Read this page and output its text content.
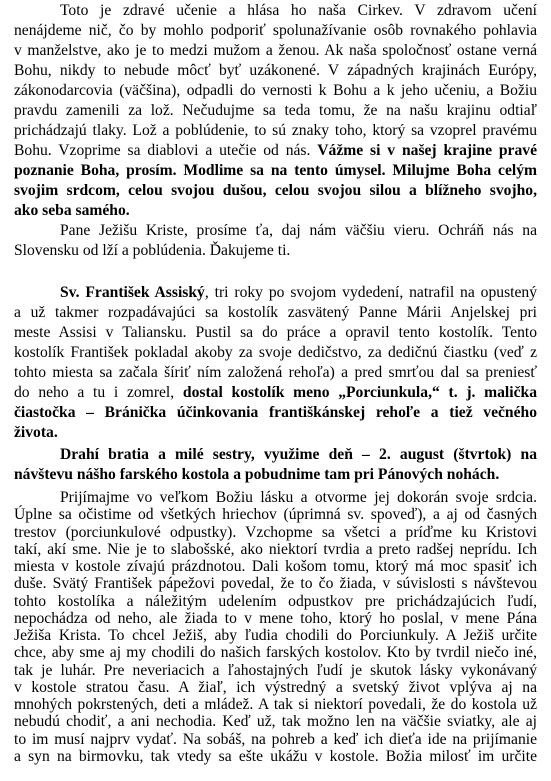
Toto je zdravé učenie a hlása ho naša Cirkev. V zdravom učení
nenájdeme nič, čo by mohlo podporiť spolunažívanie osôb rovnakého pohlavia
v manželstve, ako je to medzi mužom a ženou. Ak naša spoločnosť ostane verná
Bohu, nikdy to nebude môcť byť uzákonené. V západných krajinách Európy,
zákonodarcovia (väčšina), odpadli do vernosti k Bohu a k jeho učeniu, a Božiu
pravdu zamenili za lož. Nečudujme sa teda tomu, že na našu krajinu odtiaľ
prichádzajú tlaky. Lož a poblúdenie, to sú znaky toho, ktorý sa vzoprel pravému
Bohu. Vzoprime sa diablovi a utečie od nás. Vážme si v našej krajine pravé
poznanie Boha, prosím. Modlime sa na tento úmysel. Milujme Boha celým
svojim srdcom, celou svojou dušou, celou svojou silou a blížneho svojho,
ako seba samého.
Pane Ježišu Kriste, prosíme ťa, daj nám väčšiu vieru. Ochráň nás na
Slovensku od lží a poblúdenia. Ďakujeme ti.
Sv. František Assiský, tri roky po svojom vydedení, natrafil na opustený
a už takmer rozpadávajúci sa kostolík zasvätený Panne Márii Anjelskej pri
meste Assisi v Taliansku. Pustil sa do práce a opravil tento kostolík. Tento
kostolík František pokladal akoby za svoje dedičstvo, za dedičnú čiastku (veď z
tohto miesta sa začala šíriť ním založená rehoľa) a pred smrťou dal sa preniesť
do neho a tu i zomrel, dostal kostolík meno „Porciunkula,“ t. j. malička
čiastočka – Bránička účinkovania františkánskej rehoľe a tiež večného
života.
Drahí bratia a milé sestry, využime deň – 2. august (štvrtok) na
návštevu nášho farského kostola a pobudnime tam pri Pánových nohách.
Prijímajme vo veľkom Božiu lásku a otvorme jej dokorán svoje srdcia.
Úplne sa očistime od všetkých hriechov (úprimná sv. spoveď), a aj od časných
trestov (porciunkulové odpustky). Vzchopme sa všetci a príďme ku Kristovi
takí, akí sme. Nie je to slabošské, ako niektorí tvrdia a preto radšej neprídu. Ich
miesta v kostole zívajú prázdnotou. Dali košom tomu, ktorý má moc spasiť ich
duše. Svätý František pápežovi povedal, že to čo žiada, v súvislosti s návštevou
tohto kostolíka a náležitým udelením odpustkov pre prichádzajúcich ľudí,
nepochádza od neho, ale žiada to v mene toho, ktorý ho poslal, v mene Pána
Ježiša Krista. To chcel Ježiš, aby ľudia chodili do Porciunkuly. A Ježiš určite
chce, aby sme aj my chodili do našich farských kostolov. Kto by tvrdil niečo iné,
tak je luhár. Pre neveriacich a ľahostajných ľudí je skutok lásky vykonávaný
v kostole stratou času. A žiaľ, ich výstredný a svetský život vplýva aj na
mnohých pokrstených, deti a mládež. A tak si niektorí povedali, že do kostola už
nebudú chodiť, a ani nechodia. Keď už, tak možno len na väčšie sviatky, ale aj
to im musí najprv vydať. Na sobáš, na pohreb a keď ich dieťa ide na prijímanie
a syn na birmovku, tak vtedy sa ešte ukážu v kostole. Božia milosť im určite
